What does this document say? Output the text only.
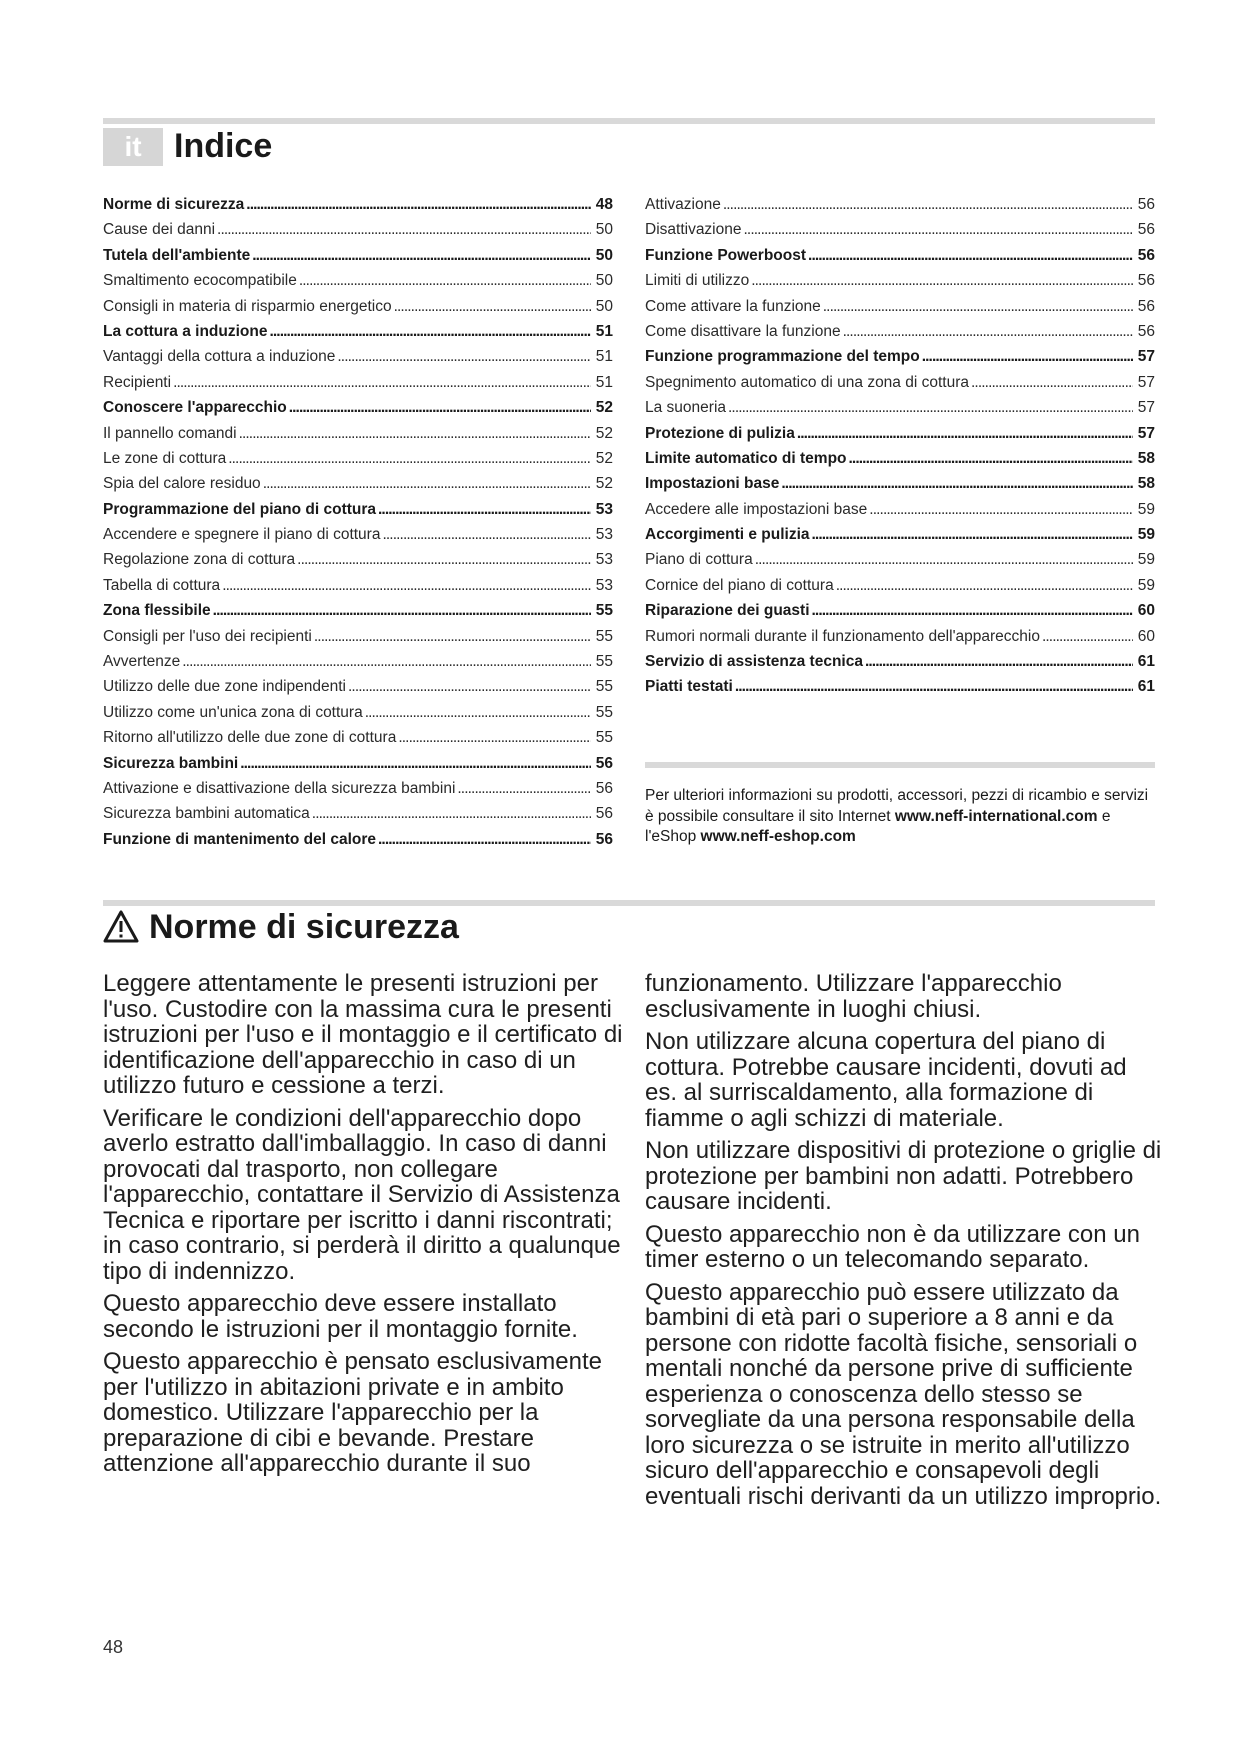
it Indice
Norme di sicurezza . . .	48
Cause dei danni . . .	50
Tutela dell'ambiente . . .	50
Smaltimento ecocompatibile . . .	50
Consigli in materia di risparmio energetico . . .	50
La cottura a induzione . . .	51
Vantaggi della cottura a induzione . . .	51
Recipienti . . .	51
Conoscere l'apparecchio . . .	52
Il pannello comandi . . .	52
Le zone di cottura . . .	52
Spia del calore residuo . . .	52
Programmazione del piano di cottura . . .	53
Accendere e spegnere il piano di cottura . . .	53
Regolazione zona di cottura . . .	53
Tabella di cottura . . .	53
Zona flessibile . . .	55
Consigli per l'uso dei recipienti . . .	55
Avvertenze . . .	55
Utilizzo delle due zone indipendenti . . .	55
Utilizzo come un'unica zona di cottura . . .	55
Ritorno all'utilizzo delle due zone di cottura . . .	55
Sicurezza bambini . . .	56
Attivazione e disattivazione della sicurezza bambini . . .	56
Sicurezza bambini automatica . . .	56
Funzione di mantenimento del calore . . .	56
Attivazione . . .	56
Disattivazione . . .	56
Funzione Powerboost . . .	56
Limiti di utilizzo . . .	56
Come attivare la funzione . . .	56
Come disattivare la funzione . . .	56
Funzione programmazione del tempo . . .	57
Spegnimento automatico di una zona di cottura . . .	57
La suoneria . . .	57
Protezione di pulizia . . .	57
Limite automatico di tempo . . .	58
Impostazioni base . . .	58
Accedere alle impostazioni base . . .	59
Accorgimenti e pulizia . . .	59
Piano di cottura . . .	59
Cornice del piano di cottura . . .	59
Riparazione dei guasti . . .	60
Rumori normali durante il funzionamento dell'apparecchio . . .	60
Servizio di assistenza tecnica . . .	61
Piatti testati . . .	61

Per ulteriori informazioni su prodotti, accessori, pezzi di ricambio e servizi è possibile consultare il sito Internet www.neff-international.com e l'eShop www.neff-eshop.com

Norme di sicurezza

Leggere attentamente le presenti istruzioni per l'uso. Custodire con la massima cura le presenti istruzioni per l'uso e il montaggio e il certificato di identificazione dell'apparecchio in caso di un utilizzo futuro e cessione a terzi.

Verificare le condizioni dell'apparecchio dopo averlo estratto dall'imballaggio. In caso di danni provocati dal trasporto, non collegare l'apparecchio, contattare il Servizio di Assistenza Tecnica e riportare per iscritto i danni riscontrati; in caso contrario, si perderà il diritto a qualunque tipo di indennizzo.

Questo apparecchio deve essere installato secondo le istruzioni per il montaggio fornite.

Questo apparecchio è pensato esclusivamente per l'utilizzo in abitazioni private e in ambito domestico. Utilizzare l'apparecchio per la preparazione di cibi e bevande. Prestare attenzione all'apparecchio durante il suo

funzionamento. Utilizzare l'apparecchio esclusivamente in luoghi chiusi.

Non utilizzare alcuna copertura del piano di cottura. Potrebbe causare incidenti, dovuti ad es. al surriscaldamento, alla formazione di fiamme o agli schizzi di materiale.

Non utilizzare dispositivi di protezione o griglie di protezione per bambini non adatti. Potrebbero causare incidenti.

Questo apparecchio non è da utilizzare con un timer esterno o un telecomando separato.

Questo apparecchio può essere utilizzato da bambini di età pari o superiore a 8 anni e da persone con ridotte facoltà fisiche, sensoriali o mentali nonché da persone prive di sufficiente esperienza o conoscenza dello stesso se sorvegliate da una persona responsabile della loro sicurezza o se istruite in merito all'utilizzo sicuro dell'apparecchio e consapevoli degli eventuali rischi derivanti da un utilizzo improprio.

48
